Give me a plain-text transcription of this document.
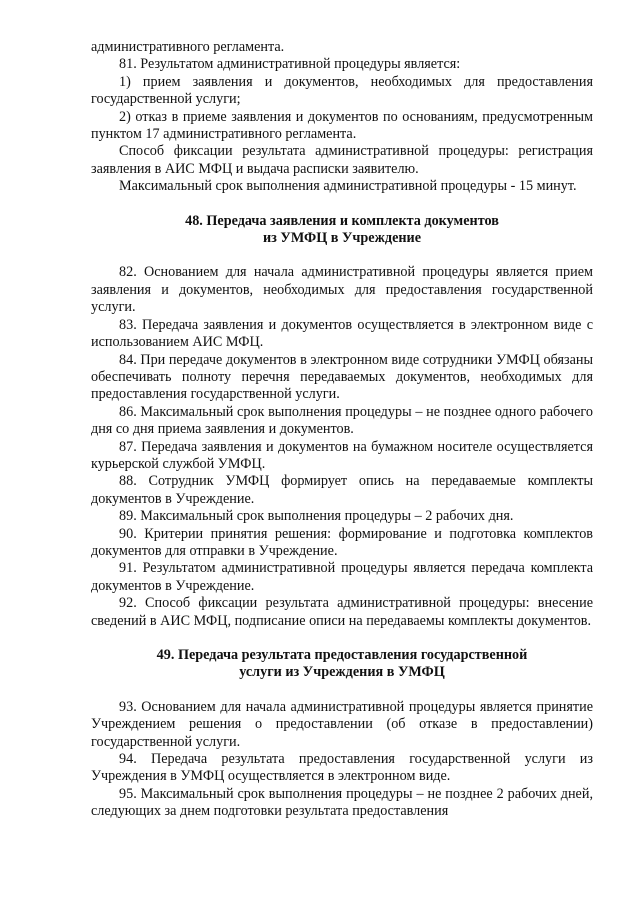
административного регламента.

81. Результатом административной процедуры является:

1) прием заявления и документов, необходимых для предоставления государственной услуги;

2) отказ в приеме заявления и документов по основаниям, предусмотренным пунктом 17 административного регламента.

Способ фиксации результата административной процедуры: регистрация заявления в АИС МФЦ и выдача расписки заявителю.

Максимальный срок выполнения административной процедуры - 15 минут.

48. Передача заявления и комплекта документов
из УМФЦ в Учреждение

82. Основанием для начала административной процедуры является прием заявления и документов, необходимых для предоставления государственной услуги.

83. Передача заявления и документов осуществляется в электронном виде с использованием АИС МФЦ.

84. При передаче документов в электронном виде сотрудники УМФЦ обязаны обеспечивать полноту перечня передаваемых документов, необходимых для предоставления государственной услуги.

86. Максимальный срок выполнения процедуры – не позднее одного рабочего дня со дня приема заявления и документов.

87. Передача заявления и документов на бумажном носителе осуществляется курьерской службой УМФЦ.

88. Сотрудник УМФЦ формирует опись на передаваемые комплекты документов в Учреждение.

89. Максимальный срок выполнения процедуры – 2 рабочих дня.

90. Критерии принятия решения: формирование и подготовка комплектов документов для отправки в Учреждение.

91. Результатом административной процедуры является передача комплекта документов в Учреждение.

92. Способ фиксации результата административной процедуры: внесение сведений в АИС МФЦ, подписание описи на передаваемы комплекты документов.

49. Передача результата предоставления государственной
услуги из Учреждения в УМФЦ

93. Основанием для начала административной процедуры является принятие Учреждением решения о предоставлении (об отказе в предоставлении) государственной услуги.

94. Передача результата предоставления государственной услуги из Учреждения в УМФЦ осуществляется в электронном виде.

95. Максимальный срок выполнения процедуры – не позднее 2 рабочих дней, следующих за днем подготовки результата предоставления
